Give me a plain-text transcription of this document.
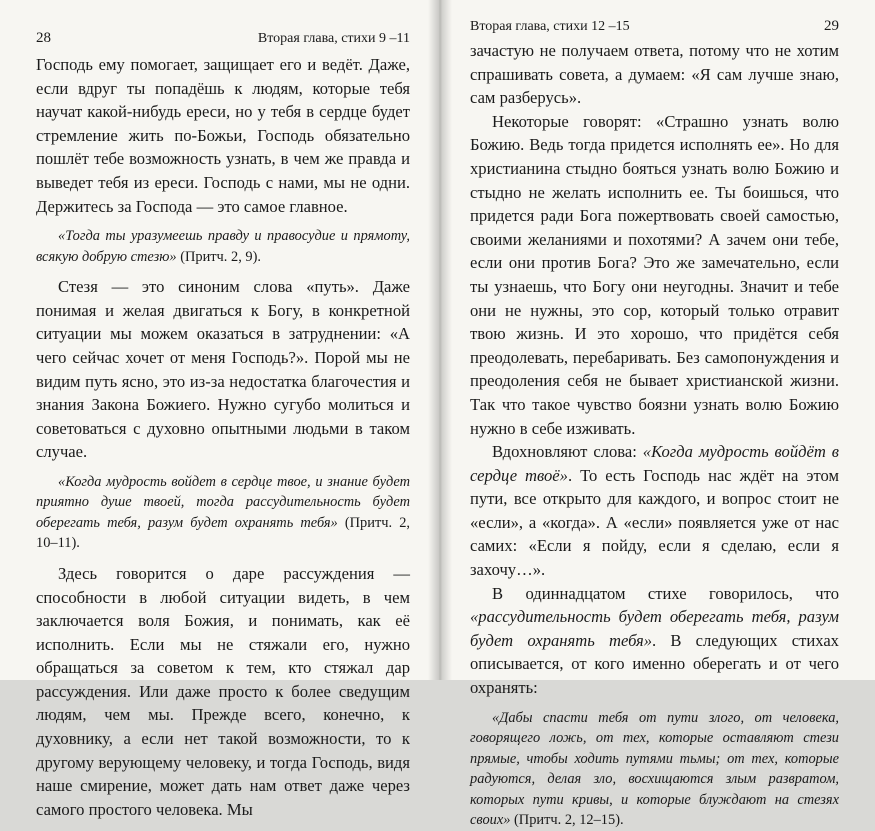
28	Вторая глава, стихи 9 –11

Господь ему помогает, защищает его и ведёт. Даже, если вдруг ты попадёшь к людям, которые тебя научат какой-нибудь ереси, но у тебя в сердце будет стремление жить по-Божьи, Господь обязательно пошлёт тебе возможность узнать, в чем же правда и выведет тебя из ереси. Господь с нами, мы не одни. Держитесь за Господа — это самое главное.

«Тогда ты уразумеешь правду и правосудие и прямоту, всякую добрую стезю» (Притч. 2, 9).

Стезя — это синоним слова «путь». Даже понимая и желая двигаться к Богу, в конкретной ситуации мы можем оказаться в затруднении: «А чего сейчас хочет от меня Господь?». Порой мы не видим путь ясно, это из-за недостатка благочестия и знания Закона Божиего. Нужно сугубо молиться и советоваться с духовно опытными людьми в таком случае.

«Когда мудрость войдет в сердце твое, и знание будет приятно душе твоей, тогда рассудительность будет оберегать тебя, разум будет охранять тебя» (Притч. 2, 10–11).

Здесь говорится о даре рассуждения — способности в любой ситуации видеть, в чем заключается воля Божия, и понимать, как её исполнить. Если мы не стяжали его, нужно обращаться за советом к тем, кто стяжал дар рассуждения. Или даже просто к более сведущим людям, чем мы. Прежде всего, конечно, к духовнику, а если нет такой возможности, то к другому верующему человеку, и тогда Господь, видя наше смирение, может дать нам ответ даже через самого простого человека. Мы

Вторая глава, стихи 12 –15	29

зачастую не получаем ответа, потому что не хотим спрашивать совета, а думаем: «Я сам лучше знаю, сам разберусь».

Некоторые говорят: «Страшно узнать волю Божию. Ведь тогда придется исполнять ее». Но для христианина стыдно бояться узнать волю Божию и стыдно не желать исполнить ее. Ты боишься, что придется ради Бога пожертвовать своей самостью, своими желаниями и похотями? А зачем они тебе, если они против Бога? Это же замечательно, если ты узнаешь, что Богу они неугодны. Значит и тебе они не нужны, это сор, который только отравит твою жизнь. И это хорошо, что придётся себя преодолевать, перебаривать. Без самопонуждения и преодоления себя не бывает христианской жизни. Так что такое чувство боязни узнать волю Божию нужно в себе изживать.

Вдохновляют слова: «Когда мудрость войдёт в сердце твоё». То есть Господь нас ждёт на этом пути, все открыто для каждого, и вопрос стоит не «если», а «когда». А «если» появляется уже от нас самих: «Если я пойду, если я сделаю, если я захочу…».

В одиннадцатом стихе говорилось, что «рассудительность будет оберегать тебя, разум будет охранять тебя». В следующих стихах описывается, от кого именно оберегать и от чего охранять:

«Дабы спасти тебя от пути злого, от человека, говорящего ложь, от тех, которые оставляют стези прямые, чтобы ходить путями тьмы; от тех, которые радуются, делая зло, восхищаются злым развратом, которых пути кривы, и которые блуждают на стезях своих» (Притч. 2, 12–15).
